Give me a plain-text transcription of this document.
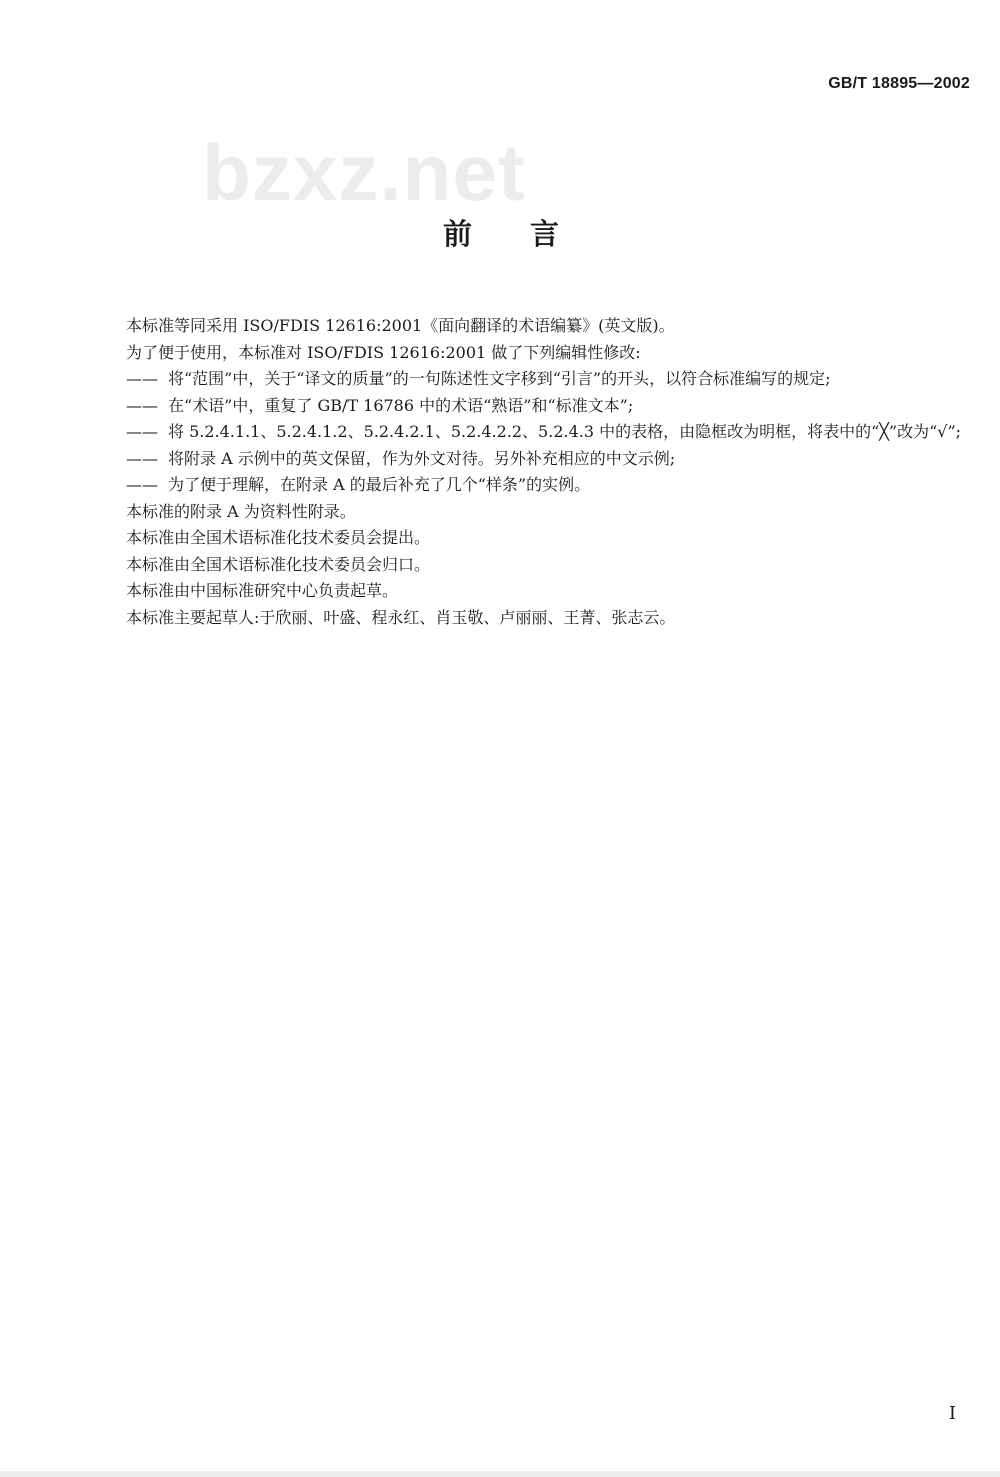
GB/T 18895—2002
bzxz.net
前言

本标准等同采用 ISO/FDIS 12616:2001《面向翻译的术语编纂》(英文版)。

为了便于使用，本标准对 ISO/FDIS 12616:2001 做了下列编辑性修改:

—— 将“范围”中，关于“译文的质量”的一句陈述性文字移到“引言”的开头，以符合标准编写的规定;

—— 在“术语”中，重复了 GB/T 16786 中的术语“熟语”和“标准文本”;

—— 将 5.2.4.1.1、5.2.4.1.2、5.2.4.2.1、5.2.4.2.2、5.2.4.3 中的表格，由隐框改为明框，将表中的“╳”改为“√”;

—— 将附录 A 示例中的英文保留，作为外文对待。另外补充相应的中文示例;

—— 为了便于理解，在附录 A 的最后补充了几个“样条”的实例。

本标准的附录 A 为资料性附录。

本标准由全国术语标准化技术委员会提出。

本标准由全国术语标准化技术委员会归口。

本标准由中国标准研究中心负责起草。

本标准主要起草人:于欣丽、叶盛、程永红、肖玉敬、卢丽丽、王菁、张志云。

I
